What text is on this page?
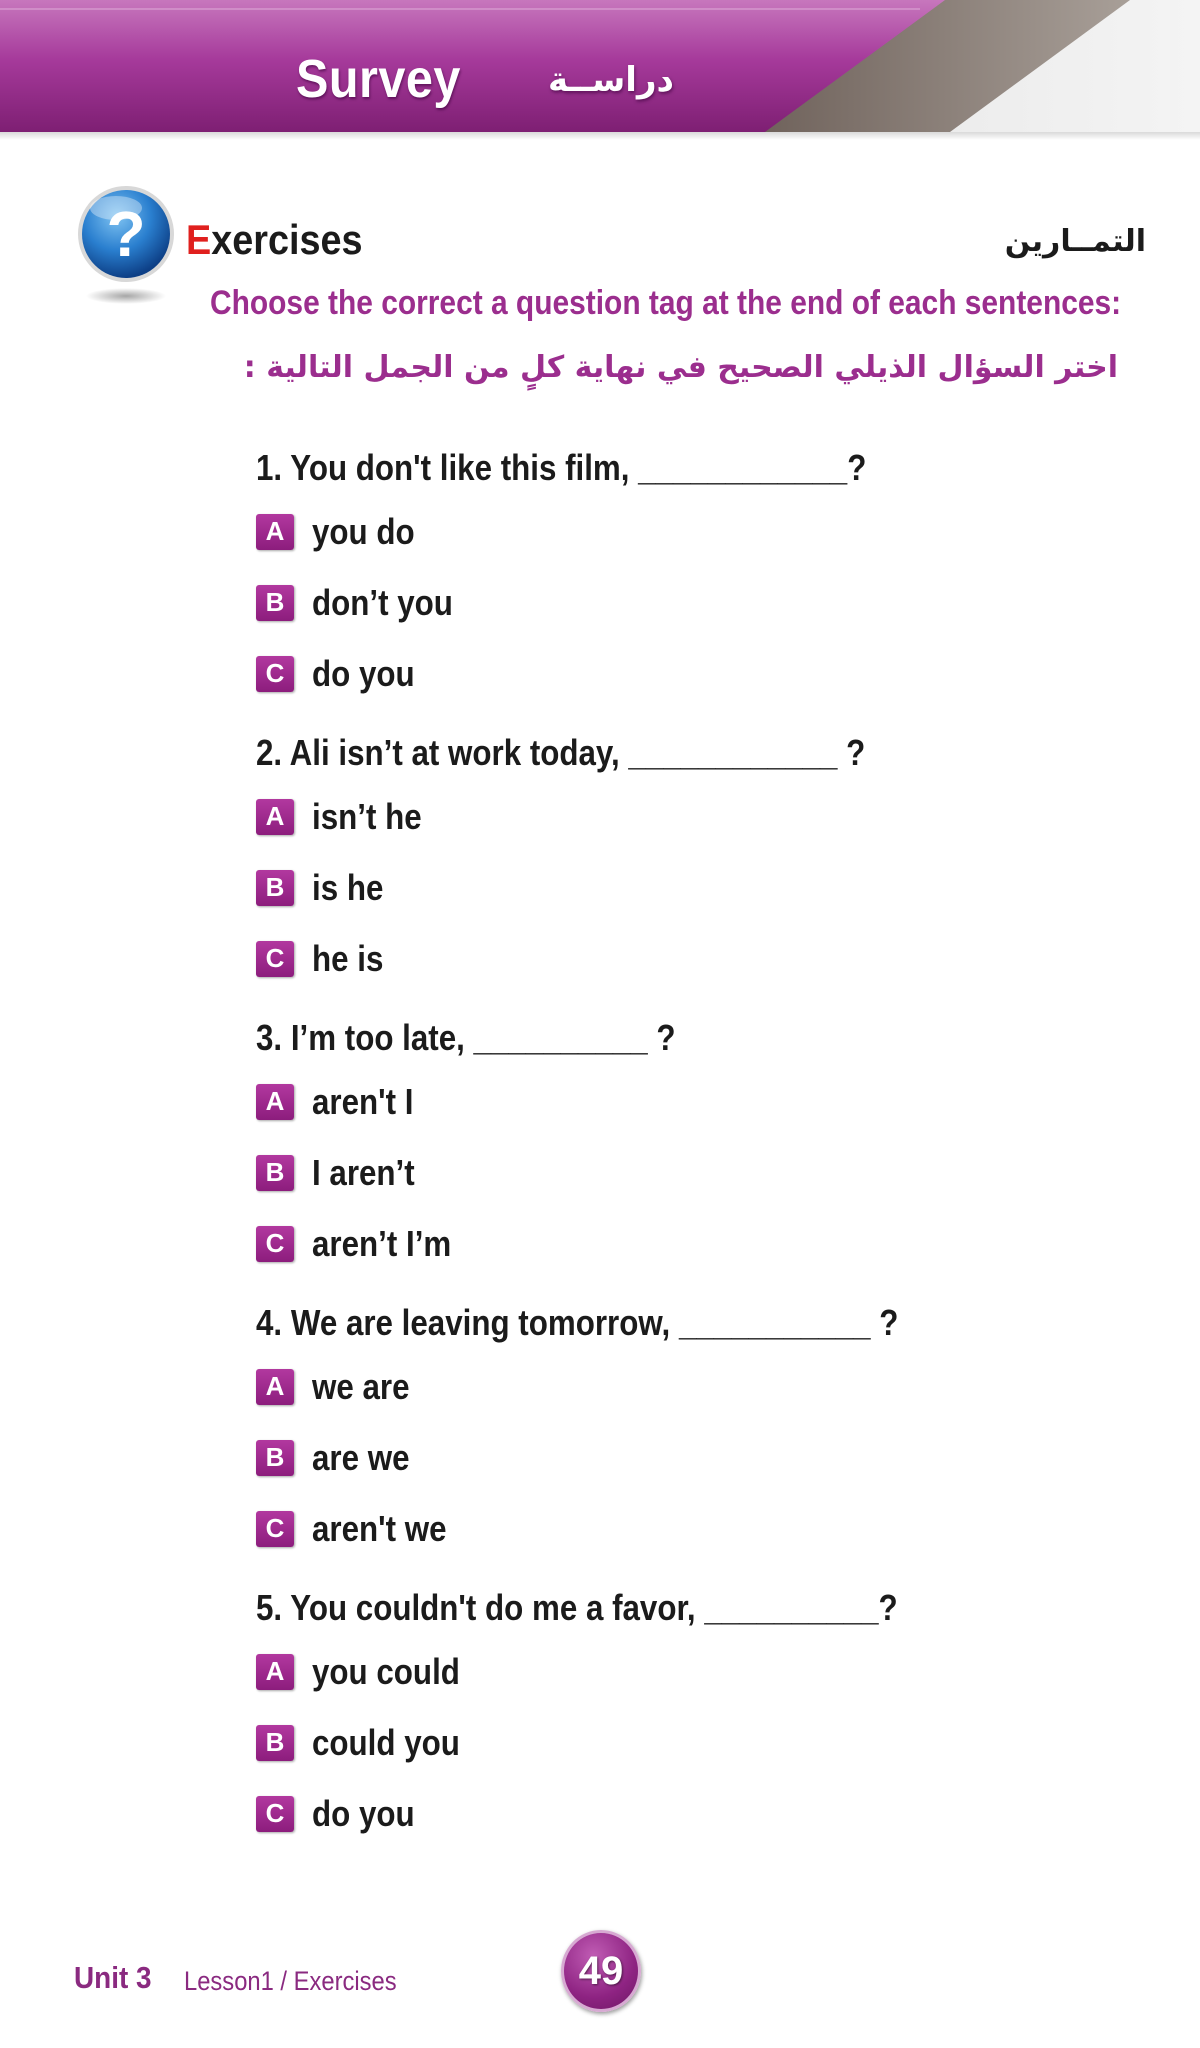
Survey	دراســة
? Exercises	التمــارين
Choose the correct a question tag at the end of each sentences:
اختر السؤال الذيلي الصحيح في نهاية كلٍ من الجمل التالية :
1. You don't like this film, ____________?
A you do
B don’t you
C do you
2. Ali isn’t at work today, ____________ ?
A isn’t he
B is he
C he is
3. I’m too late, __________ ?
A aren't I
B I aren’t
C aren’t I’m
4. We are leaving tomorrow, ___________ ?
A we are
B are we
C aren't we
5. You couldn't do me a favor, __________?
A you could
B could you
C do you
Unit 3 Lesson1 / Exercises	49
